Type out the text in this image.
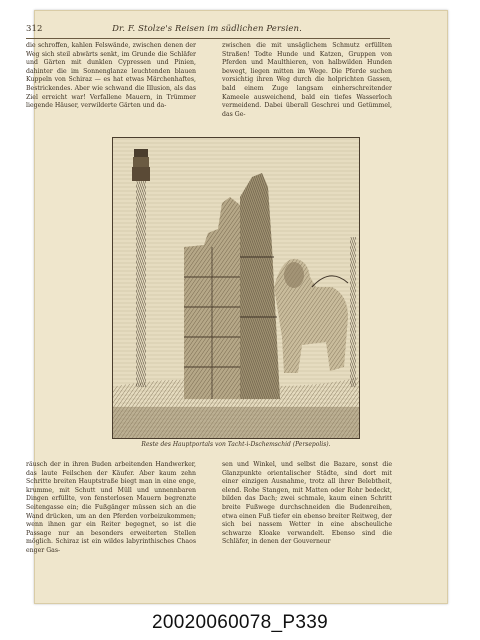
312	Dr. F. Stolze's Reisen im südlichen Persien.

die schroffen, kahlen Felswände, zwischen denen der Weg sich steil abwärts senkt, im Grunde die Schläfer und Gärten mit dunklen Cypressen und Pinien, dahinter die im Sonnenglanze leuchtenden blauen Kuppeln von Schiraz — es hat etwas Märchenhaftes, Bestrickendes. Aber wie schwand die Illusion, als das Ziel erreicht war! Verfallene Mauern, in Trümmer liegende Häuser, verwilderte Gärten und da-

zwischen die mit unsäglichem Schmutz erfüllten Straßen! Todte Hunde und Katzen, Gruppen von Pferden und Maulthieren, von halbwilden Hunden bewegt, liegen mitten im Wege. Die Pferde suchen vorsichtig ihren Weg durch die holprichten Gassen, bald einem Zuge langsam einherschreitender Kameele ausweichend, bald ein tiefes Wasserloch vermeidend. Dabei überall Geschrei und Getümmel, das Ge-

Reste des Hauptportals von Tacht-i-Dschemschid (Persepolis).

räusch der in ihren Buden arbeitenden Handwerker, das laute Feilschen der Käufer. Aber kaum zehn Schritte breiten Hauptstraße biegt man in eine enge, krumme, mit Schutt und Müll und unnennbaren Dingen erfüllte, von fensterlosen Mauern begrenzte Seitengasse ein; die Fußgänger müssen sich an die Wand drücken, um an den Pferden vorbeizukommen; wenn ihnen gar ein Reiter begegnet, so ist die Passage nur an besonders erweiterten Stellen möglich. Schiraz ist ein wildes labyrinthisches Chaos enger Gas-

sen und Winkel, und selbst die Bazare, sonst die Glanzpunkte orientalischer Städte, sind dort mit einer einzigen Ausnahme, trotz all ihrer Belebtheit, elend. Rohe Stangen, mit Matten oder Rohr bedeckt, bilden das Dach; zwei schmale, kaum einen Schritt breite Fußwege durchschneiden die Budenreihen, etwa einen Fuß tiefer ein ebenso breiter Reitweg, der sich bei nassem Wetter in eine abscheuliche schwarze Kloake verwandelt. Ebenso sind die Schläfer, in denen der Gouverneur

20020060078_P339
